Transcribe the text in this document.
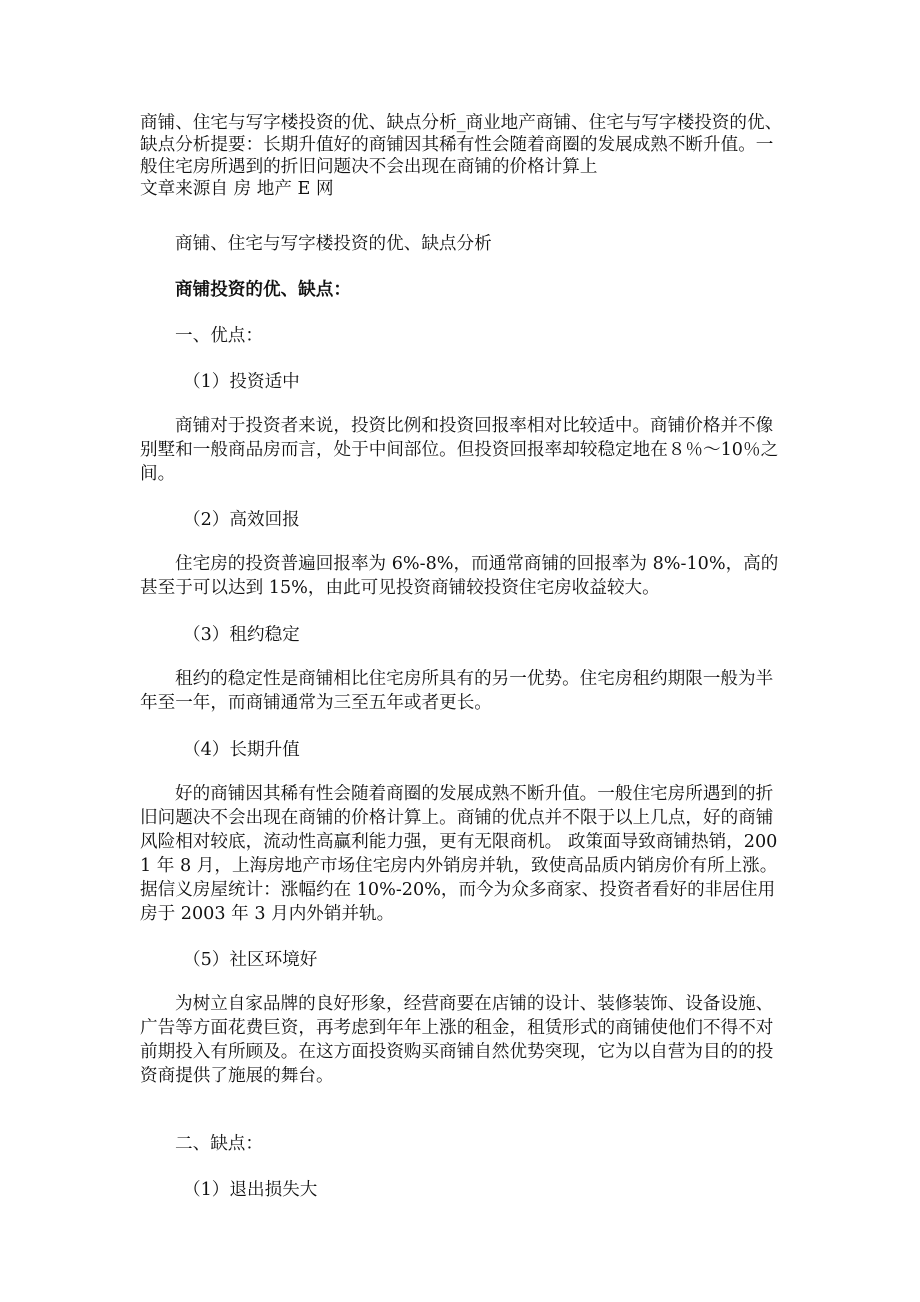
商铺、住宅与写字楼投资的优、缺点分析_商业地产商铺、住宅与写字楼投资的优、缺点分析提要：长期升值好的商铺因其稀有性会随着商圈的发展成熟不断升值。一般住宅房所遇到的折旧问题决不会出现在商铺的价格计算上

文章来源自 房 地产 E 网

商铺、住宅与写字楼投资的优、缺点分析

商铺投资的优、缺点：

一、优点：

（1）投资适中

商铺对于投资者来说，投资比例和投资回报率相对比较适中。商铺价格并不像别墅和一般商品房而言，处于中间部位。但投资回报率却较稳定地在８％～10％之间。

（2）高效回报

住宅房的投资普遍回报率为 6%-8%，而通常商铺的回报率为 8%-10%，高的甚至于可以达到 15%，由此可见投资商铺较投资住宅房收益较大。

（3）租约稳定

租约的稳定性是商铺相比住宅房所具有的另一优势。住宅房租约期限一般为半年至一年，而商铺通常为三至五年或者更长。

（4）长期升值

好的商铺因其稀有性会随着商圈的发展成熟不断升值。一般住宅房所遇到的折旧问题决不会出现在商铺的价格计算上。商铺的优点并不限于以上几点，好的商铺风险相对较底，流动性高赢利能力强，更有无限商机。 政策面导致商铺热销，2001 年 8 月，上海房地产市场住宅房内外销房并轨，致使高品质内销房价有所上涨。据信义房屋统计：涨幅约在 10%-20%，而今为众多商家、投资者看好的非居住用房于 2003 年 3 月内外销并轨。

（5）社区环境好

为树立自家品牌的良好形象，经营商要在店铺的设计、装修装饰、设备设施、广告等方面花费巨资，再考虑到年年上涨的租金，租赁形式的商铺使他们不得不对前期投入有所顾及。在这方面投资购买商铺自然优势突现，它为以自营为目的的投资商提供了施展的舞台。

二、缺点：

（1）退出损失大
